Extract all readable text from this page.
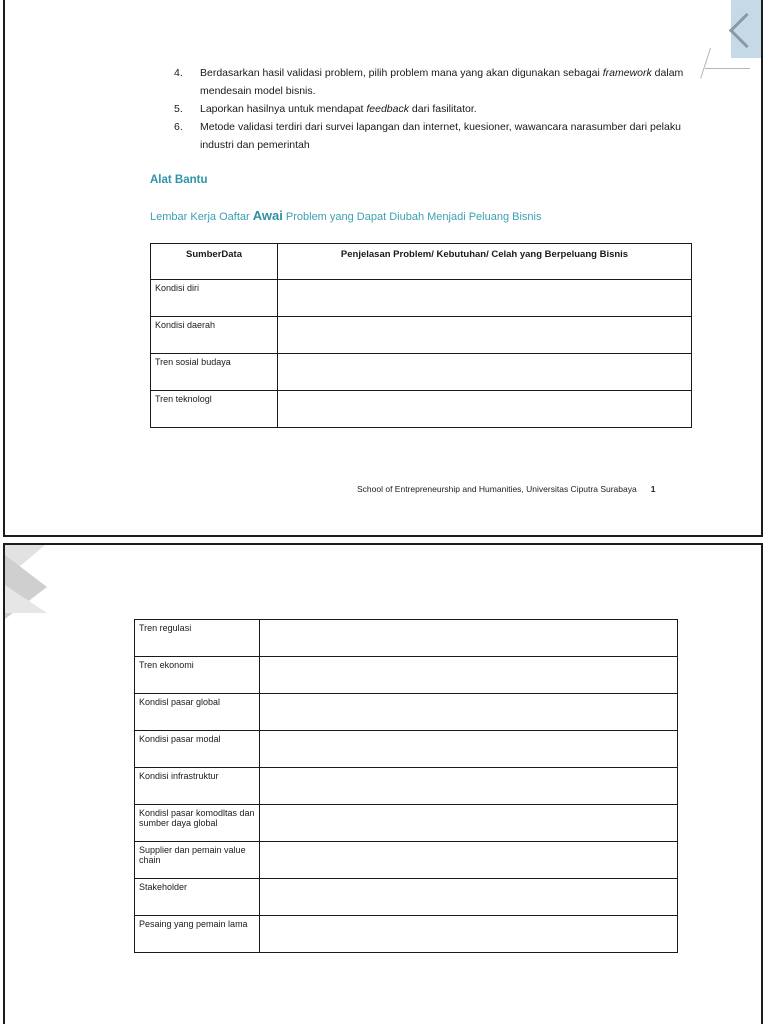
4. Berdasarkan hasil validasi problem, pilih problem mana yang akan digunakan sebagai framework dalam mendesain model bisnis.
5. Laporkan hasilnya untuk mendapat feedback dari fasilitator.
6. Metode validasi terdiri dari survei lapangan dan internet, kuesioner, wawancara narasumber dari pelaku industri dan pemerintah
Alat Bantu
Lembar Kerja Oaftar Awai Problem yang Dapat Diubah Menjadi Peluang Bisnis
SumberData	Penjelasan Problem/ Kebutuhan/ Celah yang Berpeluang Bisnis
Kondisi diri	
Kondisi daerah	
Tren sosial budaya	
Tren teknologl	
School of Entrepreneurship and Humanities, Universitas Ciputra Surabaya 1
Tren regulasi	
Tren ekonomi	
Kondisl pasar global	
Kondisi pasar modal	
Kondisi infrastruktur	
Kondisl pasar komodltas dan sumber daya global	
Supplier dan pemain value chain	
Stakeholder	
Pesaing yang pemain lama	
